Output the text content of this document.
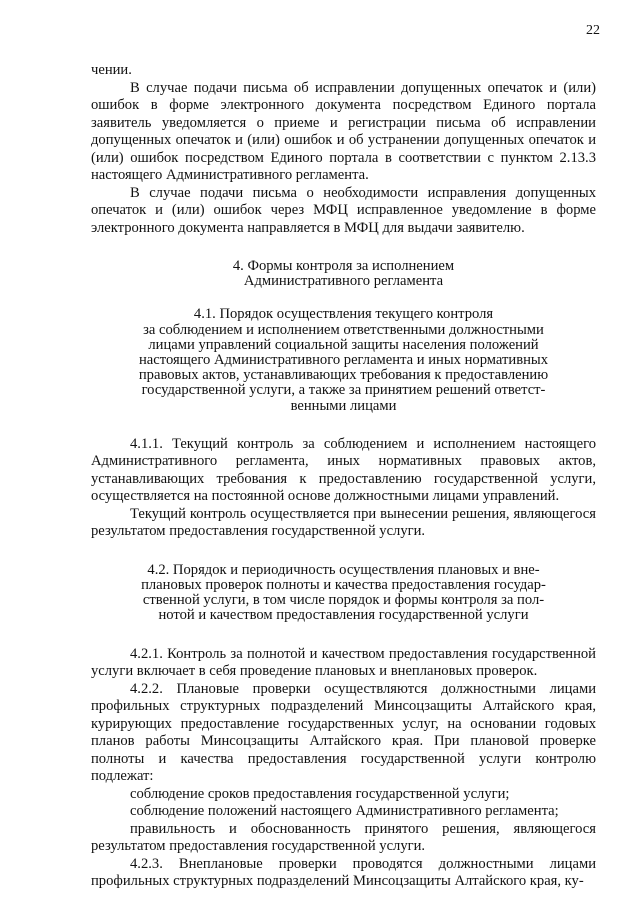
22

чении.

В случае подачи письма об исправлении допущенных опечаток и (или) ошибок в форме электронного документа посредством Единого портала заявитель уведомляется о приеме и регистрации письма об исправлении допущенных опечаток и (или) ошибок и об устранении допущенных опечаток и (или) ошибок посредством Единого портала в соответствии с пунктом 2.13.3 настоящего Административного регламента.

В случае подачи письма о необходимости исправления допущенных опечаток и (или) ошибок через МФЦ исправленное уведомление в форме электронного документа направляется в МФЦ для выдачи заявителю.

4. Формы контроля за исполнением
Административного регламента
4.1. Порядок осуществления текущего контроля
за соблюдением и исполнением ответственными должностными
лицами управлений социальной защиты населения положений
настоящего Административного регламента и иных нормативных
правовых актов, устанавливающих требования к предоставлению
государственной услуги, а также за принятием решений ответст-
венными лицами

4.1.1. Текущий контроль за соблюдением и исполнением настоящего Административного регламента, иных нормативных правовых актов, устанавливающих требования к предоставлению государственной услуги, осуществляется на постоянной основе должностными лицами управлений.

Текущий контроль осуществляется при вынесении решения, являющегося результатом предоставления государственной услуги.

4.2. Порядок и периодичность осуществления плановых и вне-
плановых проверок полноты и качества предоставления государ-
ственной услуги, в том числе порядок и формы контроля за пол-
нотой и качеством предоставления государственной услуги

4.2.1. Контроль за полнотой и качеством предоставления государственной услуги включает в себя проведение плановых и внеплановых проверок.

4.2.2. Плановые проверки осуществляются должностными лицами профильных структурных подразделений Минсоцзащиты Алтайского края, курирующих предоставление государственных услуг, на основании годовых планов работы Минсоцзащиты Алтайского края. При плановой проверке полноты и качества предоставления государственной услуги контролю подлежат:

соблюдение сроков предоставления государственной услуги;

соблюдение положений настоящего Административного регламента;

правильность и обоснованность принятого решения, являющегося результатом предоставления государственной услуги.

4.2.3. Внеплановые проверки проводятся должностными лицами профильных структурных подразделений Минсоцзащиты Алтайского края, ку-
